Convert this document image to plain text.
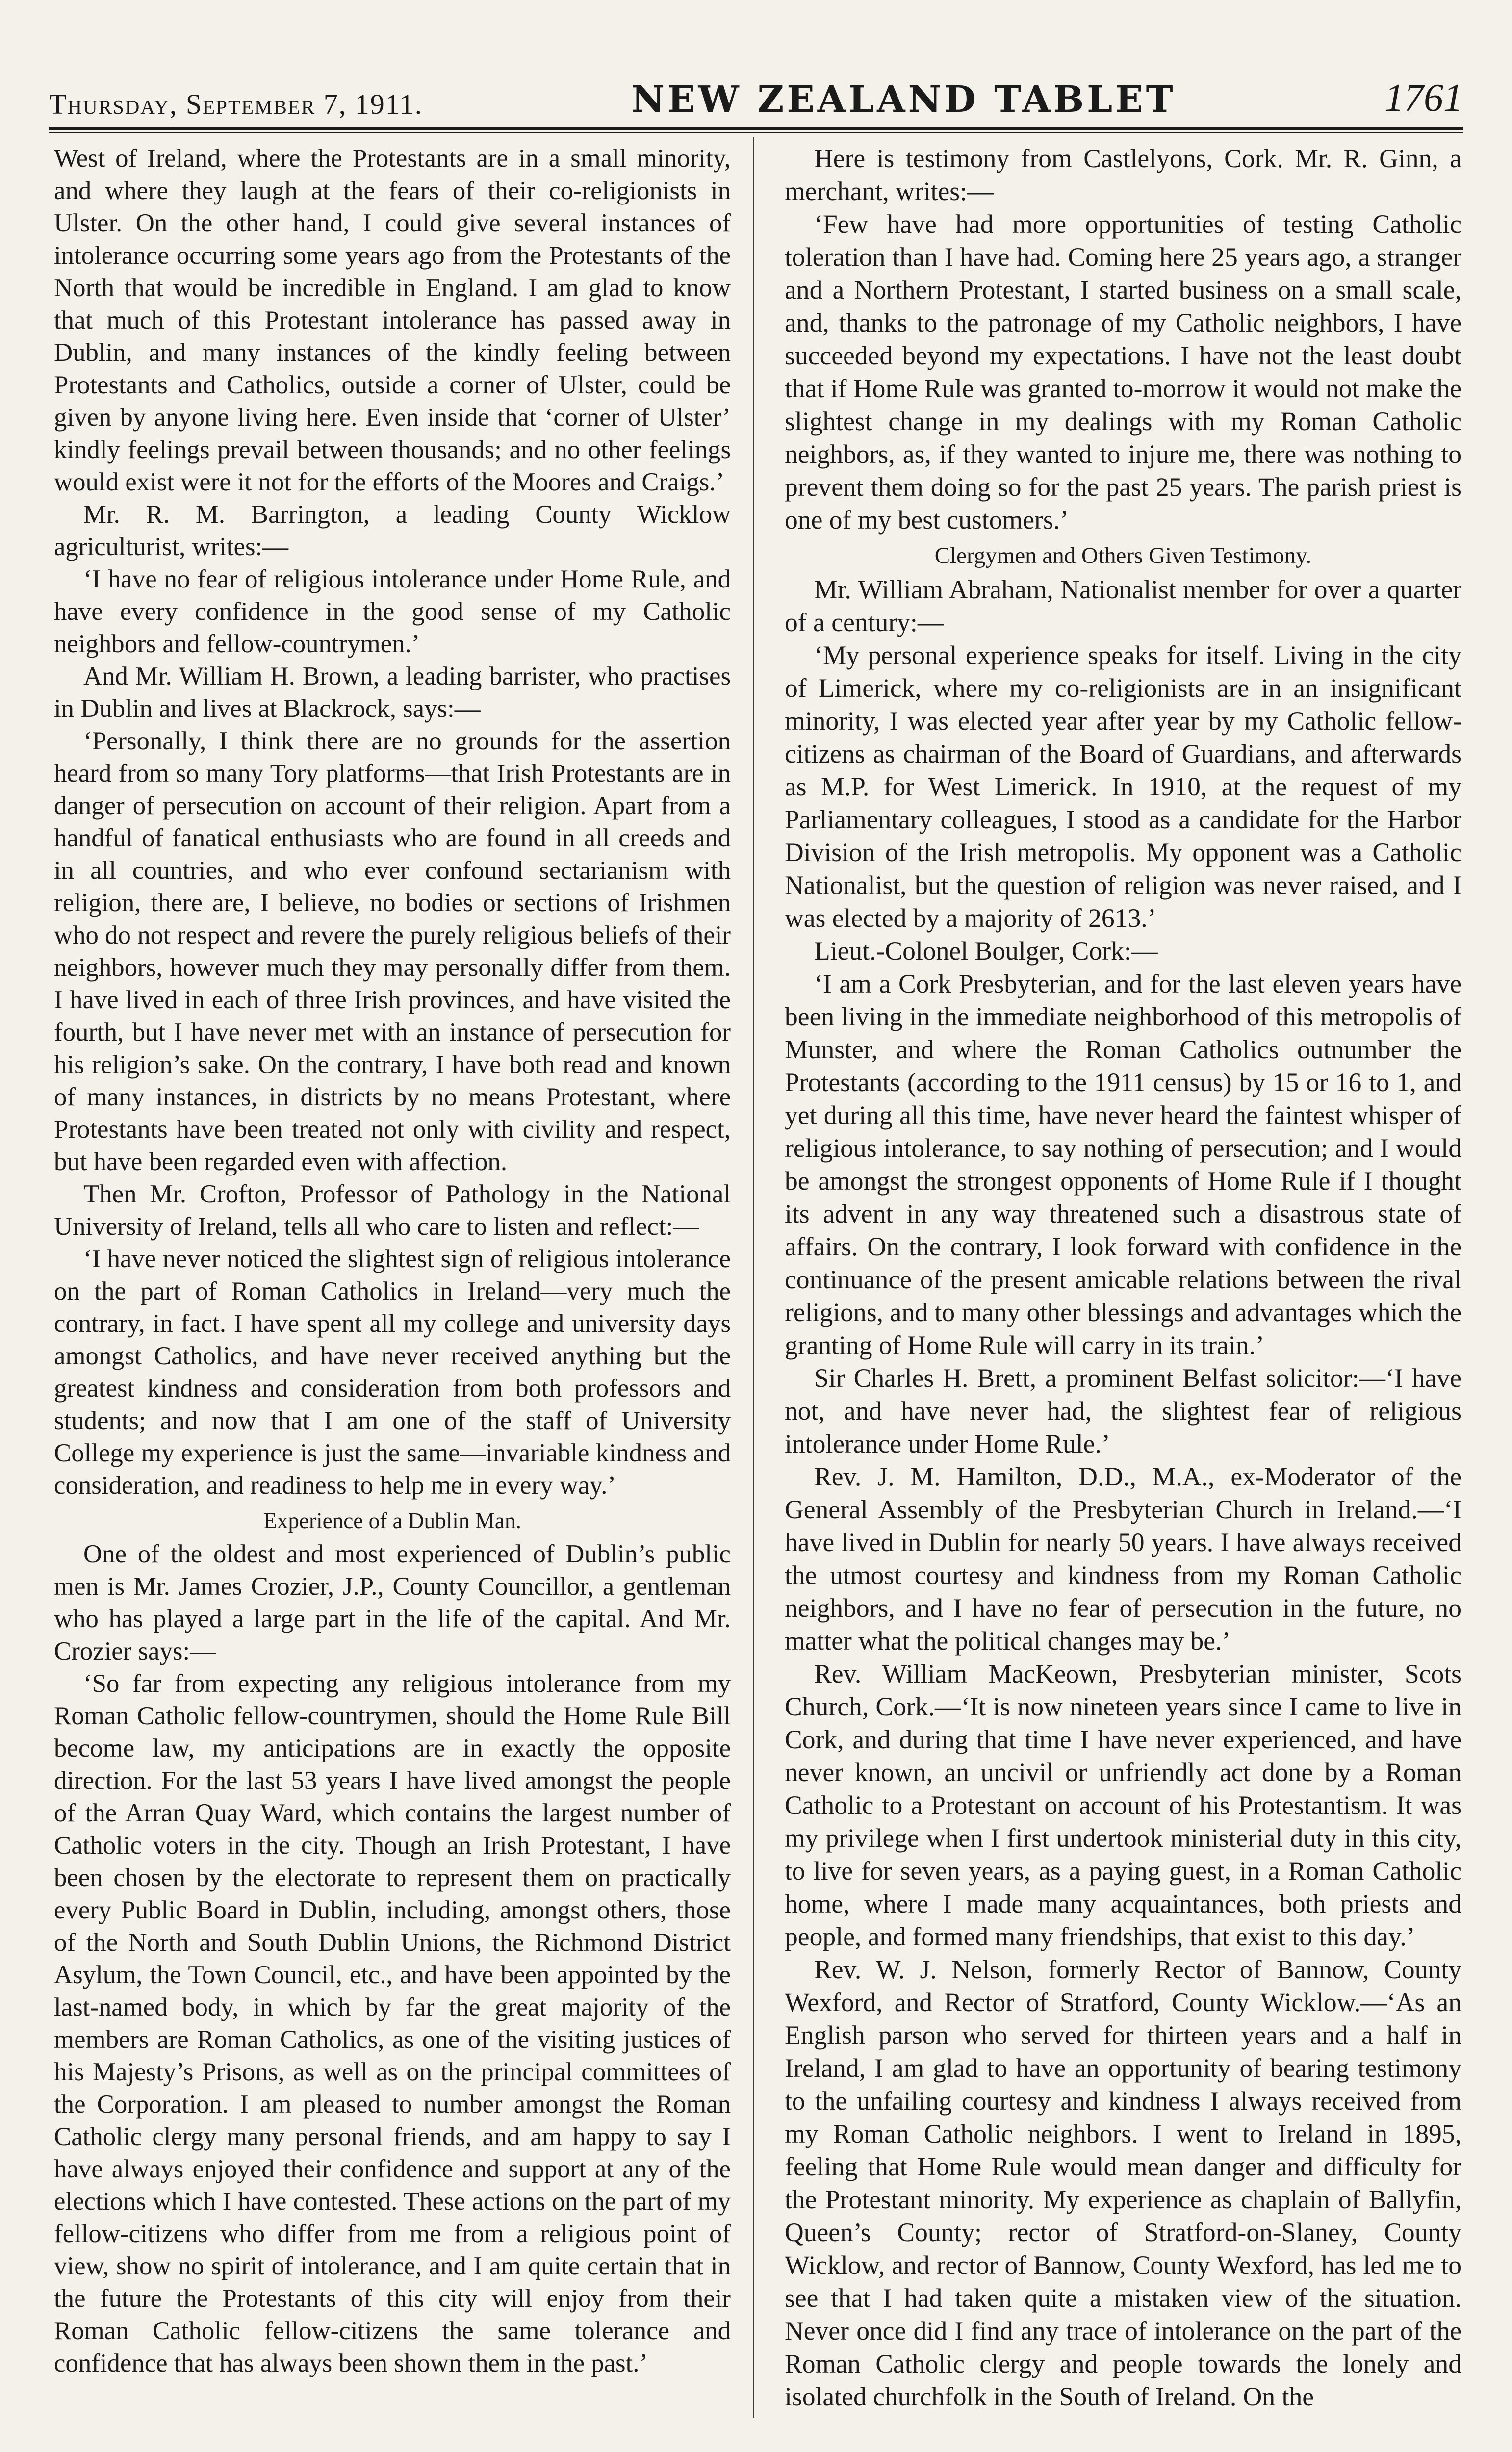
Thursday, September 7, 1911.	NEW ZEALAND TABLET	1761

West of Ireland, where the Protestants are in a small minority, and where they laugh at the fears of their co-religionists in Ulster. On the other hand, I could give several instances of intolerance occurring some years ago from the Protestants of the North that would be incredible in England. I am glad to know that much of this Protestant intolerance has passed away in Dublin, and many instances of the kindly feeling between Protestants and Catholics, outside a corner of Ulster, could be given by anyone living here. Even inside that ‘corner of Ulster’ kindly feelings prevail between thousands; and no other feelings would exist were it not for the efforts of the Moores and Craigs.’

Mr. R. M. Barrington, a leading County Wicklow agriculturist, writes:—

‘I have no fear of religious intolerance under Home Rule, and have every confidence in the good sense of my Catholic neighbors and fellow-countrymen.’

And Mr. William H. Brown, a leading barrister, who practises in Dublin and lives at Blackrock, says:—

‘Personally, I think there are no grounds for the assertion heard from so many Tory platforms—that Irish Protestants are in danger of persecution on account of their religion. Apart from a handful of fanatical enthusiasts who are found in all creeds and in all countries, and who ever confound sectarianism with religion, there are, I believe, no bodies or sections of Irishmen who do not respect and revere the purely religious beliefs of their neighbors, however much they may personally differ from them. I have lived in each of three Irish provinces, and have visited the fourth, but I have never met with an instance of persecution for his religion’s sake. On the contrary, I have both read and known of many instances, in districts by no means Protestant, where Protestants have been treated not only with civility and respect, but have been regarded even with affection.

Then Mr. Crofton, Professor of Pathology in the National University of Ireland, tells all who care to listen and reflect:—

‘I have never noticed the slightest sign of religious intolerance on the part of Roman Catholics in Ireland—very much the contrary, in fact. I have spent all my college and university days amongst Catholics, and have never received anything but the greatest kindness and consideration from both professors and students; and now that I am one of the staff of University College my experience is just the same—invariable kindness and consideration, and readiness to help me in every way.’

Experience of a Dublin Man.

One of the oldest and most experienced of Dublin’s public men is Mr. James Crozier, J.P., County Councillor, a gentleman who has played a large part in the life of the capital. And Mr. Crozier says:—

‘So far from expecting any religious intolerance from my Roman Catholic fellow-countrymen, should the Home Rule Bill become law, my anticipations are in exactly the opposite direction. For the last 53 years I have lived amongst the people of the Arran Quay Ward, which contains the largest number of Catholic voters in the city. Though an Irish Protestant, I have been chosen by the electorate to represent them on practically every Public Board in Dublin, including, amongst others, those of the North and South Dublin Unions, the Richmond District Asylum, the Town Council, etc., and have been appointed by the last-named body, in which by far the great majority of the members are Roman Catholics, as one of the visiting justices of his Majesty’s Prisons, as well as on the principal committees of the Corporation. I am pleased to number amongst the Roman Catholic clergy many personal friends, and am happy to say I have always enjoyed their confidence and support at any of the elections which I have contested. These actions on the part of my fellow-citizens who differ from me from a religious point of view, show no spirit of intolerance, and I am quite certain that in the future the Protestants of this city will enjoy from their Roman Catholic fellow-citizens the same tolerance and confidence that has always been shown them in the past.’

Here is testimony from Castlelyons, Cork. Mr. R. Ginn, a merchant, writes:—

‘Few have had more opportunities of testing Catholic toleration than I have had. Coming here 25 years ago, a stranger and a Northern Protestant, I started business on a small scale, and, thanks to the patronage of my Catholic neighbors, I have succeeded beyond my expectations. I have not the least doubt that if Home Rule was granted to-morrow it would not make the slightest change in my dealings with my Roman Catholic neighbors, as, if they wanted to injure me, there was nothing to prevent them doing so for the past 25 years. The parish priest is one of my best customers.’

Clergymen and Others Given Testimony.

Mr. William Abraham, Nationalist member for over a quarter of a century:—

‘My personal experience speaks for itself. Living in the city of Limerick, where my co-religionists are in an insignificant minority, I was elected year after year by my Catholic fellow-citizens as chairman of the Board of Guardians, and afterwards as M.P. for West Limerick. In 1910, at the request of my Parliamentary colleagues, I stood as a candidate for the Harbor Division of the Irish metropolis. My opponent was a Catholic Nationalist, but the question of religion was never raised, and I was elected by a majority of 2613.’

Lieut.-Colonel Boulger, Cork:—

‘I am a Cork Presbyterian, and for the last eleven years have been living in the immediate neighborhood of this metropolis of Munster, and where the Roman Catholics outnumber the Protestants (according to the 1911 census) by 15 or 16 to 1, and yet during all this time, have never heard the faintest whisper of religious intolerance, to say nothing of persecution; and I would be amongst the strongest opponents of Home Rule if I thought its advent in any way threatened such a disastrous state of affairs. On the contrary, I look forward with confidence in the continuance of the present amicable relations between the rival religions, and to many other blessings and advantages which the granting of Home Rule will carry in its train.’

Sir Charles H. Brett, a prominent Belfast solicitor:—‘I have not, and have never had, the slightest fear of religious intolerance under Home Rule.’

Rev. J. M. Hamilton, D.D., M.A., ex-Moderator of the General Assembly of the Presbyterian Church in Ireland.—‘I have lived in Dublin for nearly 50 years. I have always received the utmost courtesy and kindness from my Roman Catholic neighbors, and I have no fear of persecution in the future, no matter what the political changes may be.’

Rev. William MacKeown, Presbyterian minister, Scots Church, Cork.—‘It is now nineteen years since I came to live in Cork, and during that time I have never experienced, and have never known, an uncivil or unfriendly act done by a Roman Catholic to a Protestant on account of his Protestantism. It was my privilege when I first undertook ministerial duty in this city, to live for seven years, as a paying guest, in a Roman Catholic home, where I made many acquaintances, both priests and people, and formed many friendships, that exist to this day.’

Rev. W. J. Nelson, formerly Rector of Bannow, County Wexford, and Rector of Stratford, County Wicklow.—‘As an English parson who served for thirteen years and a half in Ireland, I am glad to have an opportunity of bearing testimony to the unfailing courtesy and kindness I always received from my Roman Catholic neighbors. I went to Ireland in 1895, feeling that Home Rule would mean danger and difficulty for the Protestant minority. My experience as chaplain of Ballyfin, Queen’s County; rector of Stratford-on-Slaney, County Wicklow, and rector of Bannow, County Wexford, has led me to see that I had taken quite a mistaken view of the situation. Never once did I find any trace of intolerance on the part of the Roman Catholic clergy and people towards the lonely and isolated churchfolk in the South of Ireland. On the
